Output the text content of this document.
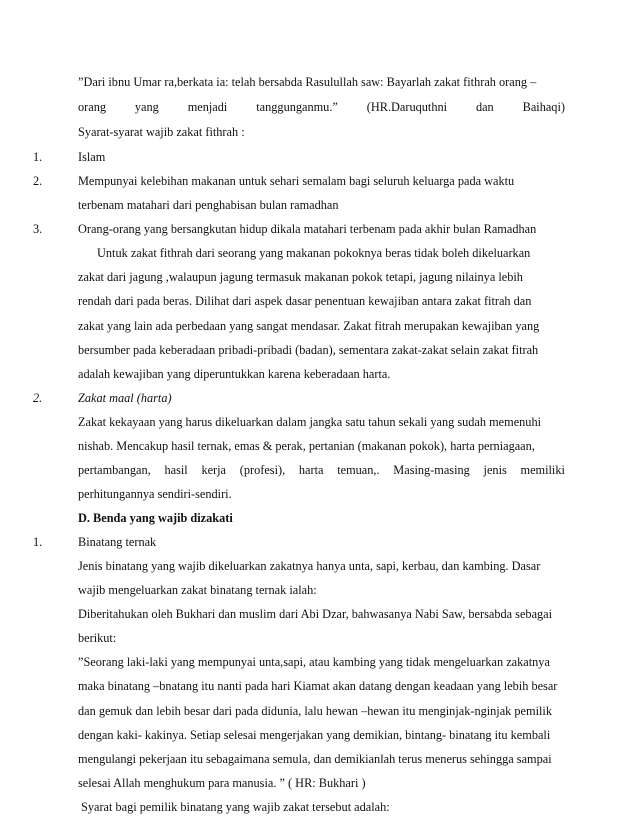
”Dari ibnu Umar ra,berkata ia: telah bersabda Rasulullah saw: Bayarlah zakat fithrah orang –
orang yang menjadi tanggunganmu.” (HR.Daruquthni dan Baihaqi)
Syarat-syarat wajib zakat fithrah :
1.	Islam
2.	Mempunyai kelebihan makanan untuk sehari semalam bagi seluruh keluarga pada waktu
terbenam matahari dari penghabisan bulan ramadhan
3.	Orang-orang yang bersangkutan hidup dikala matahari terbenam pada akhir bulan Ramadhan
Untuk zakat fithrah dari seorang yang makanan pokoknya beras tidak boleh dikeluarkan
zakat dari jagung ,walaupun jagung termasuk makanan pokok tetapi, jagung nilainya lebih
rendah dari pada beras. Dilihat dari aspek dasar penentuan kewajiban antara zakat fitrah dan
zakat yang lain ada perbedaan yang sangat mendasar. Zakat fitrah merupakan kewajiban yang
bersumber pada keberadaan pribadi-pribadi (badan), sementara zakat-zakat selain zakat fitrah
adalah kewajiban yang diperuntukkan karena keberadaan harta.
2.	Zakat maal (harta)
Zakat kekayaan yang harus dikeluarkan dalam jangka satu tahun sekali yang sudah memenuhi
nishab. Mencakup hasil ternak, emas & perak, pertanian (makanan pokok), harta perniagaan,
pertambangan, hasil kerja (profesi), harta temuan,. Masing-masing jenis memiliki
perhitungannya sendiri-sendiri.
D. Benda yang wajib dizakati
1.	Binatang ternak
Jenis binatang yang wajib dikeluarkan zakatnya hanya unta, sapi, kerbau, dan kambing. Dasar
wajib mengeluarkan zakat binatang ternak ialah:
Diberitahukan oleh Bukhari dan muslim dari Abi Dzar, bahwasanya Nabi Saw, bersabda sebagai
berikut:
”Seorang laki-laki yang mempunyai unta,sapi, atau kambing yang tidak mengeluarkan zakatnya
maka binatang –bnatang itu nanti pada hari Kiamat akan datang dengan keadaan yang lebih besar
dan gemuk dan lebih besar dari pada didunia, lalu hewan –hewan itu menginjak-nginjak pemilik
dengan kaki- kakinya. Setiap selesai mengerjakan yang demikian, bintang- binatang itu kembali
mengulangi pekerjaan itu sebagaimana semula, dan demikianlah terus menerus sehingga sampai
selesai Allah menghukum para manusia. ” ( HR: Bukhari )
Syarat bagi pemilik binatang yang wajib zakat tersebut adalah:
